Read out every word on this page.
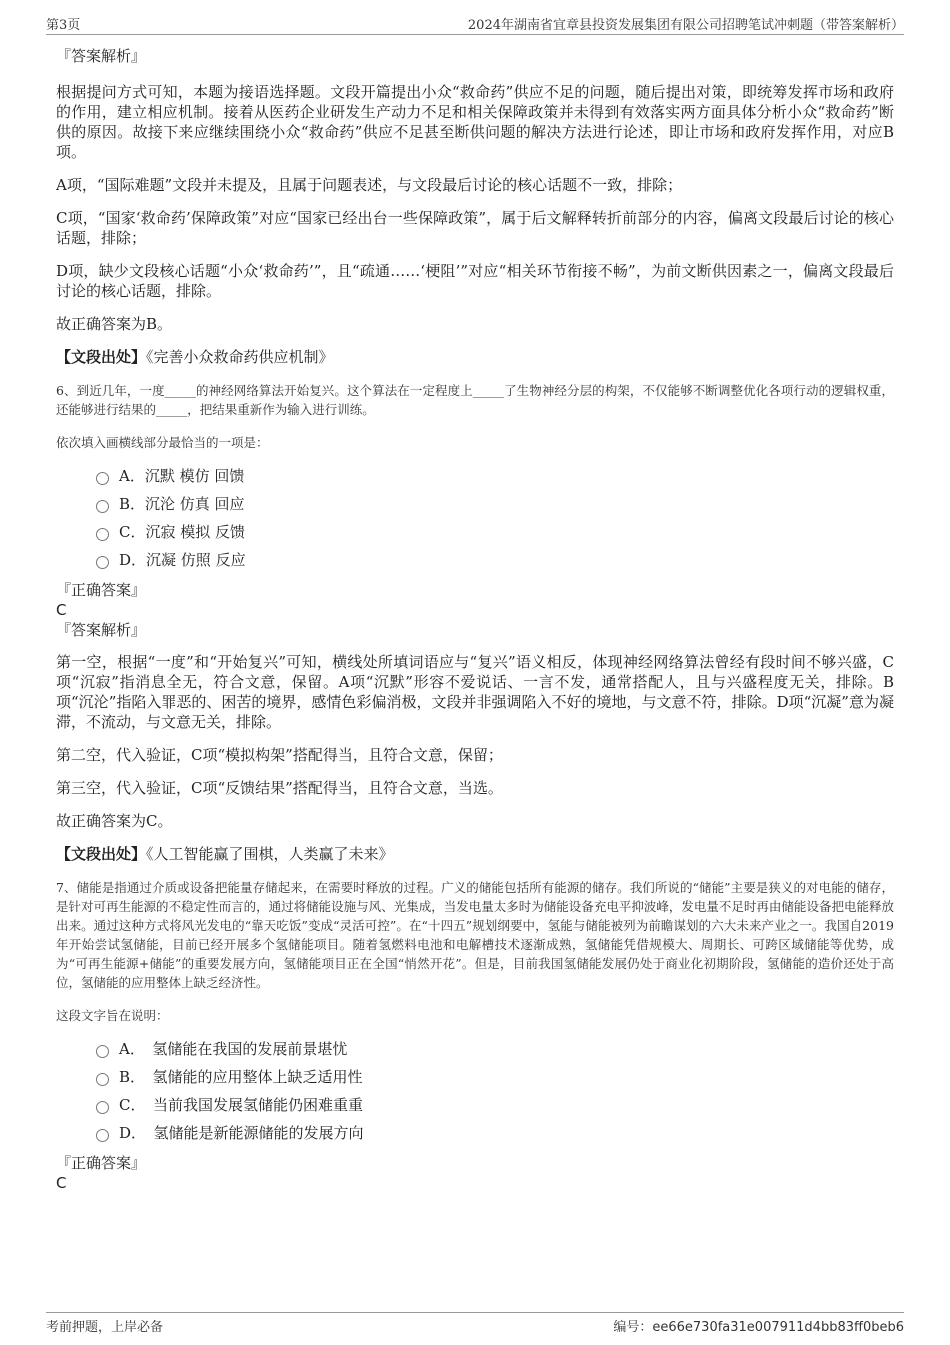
第3页	2024年湖南省宜章县投资发展集团有限公司招聘笔试冲刺题（带答案解析）
『答案解析』

根据提问方式可知，本题为接语选择题。文段开篇提出小众“救命药”供应不足的问题，随后提出对策，即统筹发挥市场和政府的作用，建立相应机制。接着从医药企业研发生产动力不足和相关保障政策并未得到有效落实两方面具体分析小众“救命药”断供的原因。故接下来应继续围绕小众“救命药”供应不足甚至断供问题的解决方法进行论述，即让市场和政府发挥作用，对应B项。

A项，“国际难题”文段并未提及，且属于问题表述，与文段最后讨论的核心话题不一致，排除；

C项，“国家‘救命药’保障政策”对应“国家已经出台一些保障政策”，属于后文解释转折前部分的内容，偏离文段最后讨论的核心话题，排除；

D项，缺少文段核心话题“小众‘救命药’”，且“疏通……‘梗阻’”对应“相关环节衔接不畅”，为前文断供因素之一，偏离文段最后讨论的核心话题，排除。

故正确答案为B。

【文段出处】《完善小众救命药供应机制》

6、到近几年，一度_____的神经网络算法开始复兴。这个算法在一定程度上_____了生物神经分层的构架，不仅能够不断调整优化各项行动的逻辑权重，还能够进行结果的_____，把结果重新作为输入进行训练。

依次填入画横线部分最恰当的一项是：

A．沉默 模仿 回馈
B．沉沦 仿真 回应
C．沉寂 模拟 反馈
D．沉凝 仿照 反应
『正确答案』
C
『答案解析』

第一空，根据“一度”和“开始复兴”可知，横线处所填词语应与“复兴”语义相反，体现神经网络算法曾经有段时间不够兴盛，C项“沉寂”指消息全无，符合文意，保留。A项“沉默”形容不爱说话、一言不发，通常搭配人，且与兴盛程度无关，排除。B项“沉沦”指陷入罪恶的、困苦的境界，感情色彩偏消极，文段并非强调陷入不好的境地，与文意不符，排除。D项“沉凝”意为凝滞，不流动，与文意无关，排除。

第二空，代入验证，C项“模拟构架”搭配得当，且符合文意，保留；

第三空，代入验证，C项“反馈结果”搭配得当，且符合文意，当选。

故正确答案为C。

【文段出处】《人工智能赢了围棋，人类赢了未来》

7、储能是指通过介质或设备把能量存储起来，在需要时释放的过程。广义的储能包括所有能源的储存。我们所说的“储能”主要是狭义的对电能的储存，是针对可再生能源的不稳定性而言的，通过将储能设施与风、光集成，当发电量太多时为储能设备充电平抑波峰，发电量不足时再由储能设备把电能释放出来。通过这种方式将风光发电的“靠天吃饭”变成“灵活可控”。在“十四五”规划纲要中，氢能与储能被列为前瞻谋划的六大未来产业之一。我国自2019年开始尝试氢储能，目前已经开展多个氢储能项目。随着氢燃料电池和电解槽技术逐渐成熟，氢储能凭借规模大、周期长、可跨区域储能等优势，成为“可再生能源+储能”的重要发展方向，氢储能项目正在全国“悄然开花”。但是，目前我国氢储能发展仍处于商业化初期阶段，氢储能的造价还处于高位，氢储能的应用整体上缺乏经济性。

这段文字旨在说明：

A．　氢储能在我国的发展前景堪忧
B．　氢储能的应用整体上缺乏适用性
C．　当前我国发展氢储能仍困难重重
D．　氢储能是新能源储能的发展方向
『正确答案』
C
考前押题，上岸必备	编号：ee66e730fa31e007911d4bb83ff0beb6
